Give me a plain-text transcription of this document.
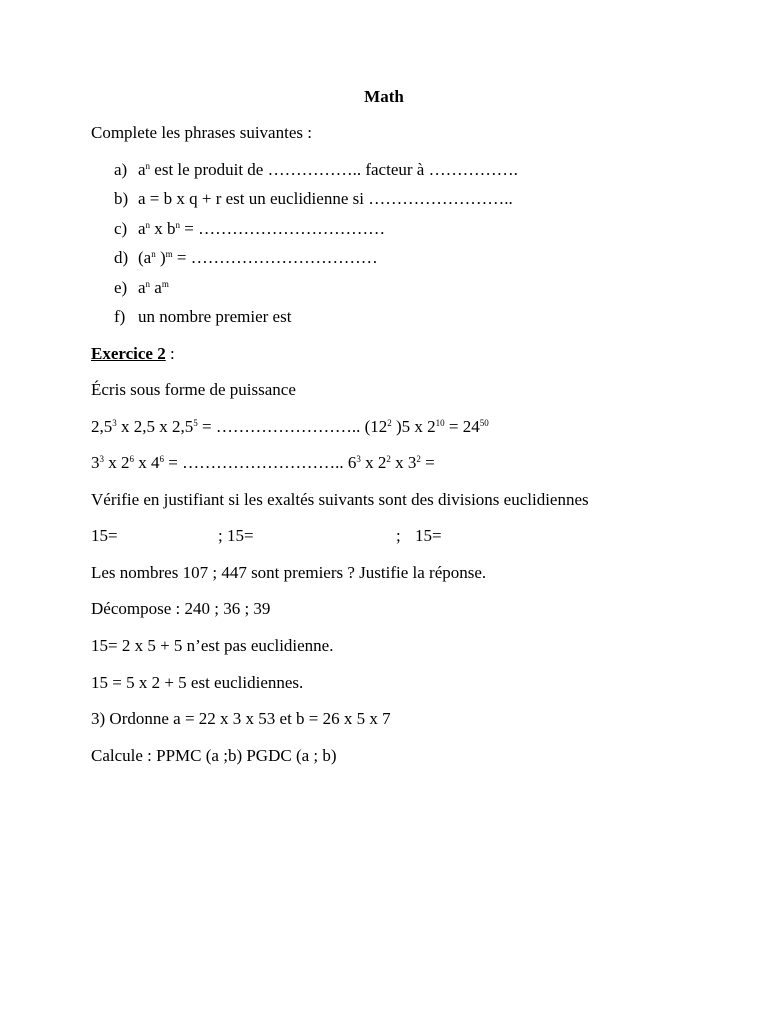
Math
Complete les phrases suivantes :
a) $a^n$ est le produit de …………….. facteur à …………….
b) a = b x q + r est un euclidienne si ……………………..
c) $a^n$ x $b^n$ = ……………………………
d) ($a^n$ )$^m$ = ……………………………
e) $a^n$ $a^m$
f) un nombre premier est
Exercice 2 :
Écris sous forme de puissance
$2,5^3$ x 2,5 x $2,5^5$ = …………………….. ($12^2$ )5 x $2^{10} = 24^{50}$
$3^3$ x $2^6$ x $4^6$ = ……………………….. $6^3$ x $2^2$ x $3^2$ =
Vérifie en justifiant si les exaltés suivants sont des divisions euclidiennes
15=	; 15=	; 15=
Les nombres 107 ; 447 sont premiers ? Justifie la réponse.
Décompose : 240 ; 36 ; 39
15= 2 x 5 + 5 n’est pas euclidienne.
15 = 5 x 2 + 5 est euclidiennes.
3) Ordonne a = 22 x 3 x 53 et b = 26 x 5 x 7
Calcule : PPMC (a ;b) PGDC (a ; b)
